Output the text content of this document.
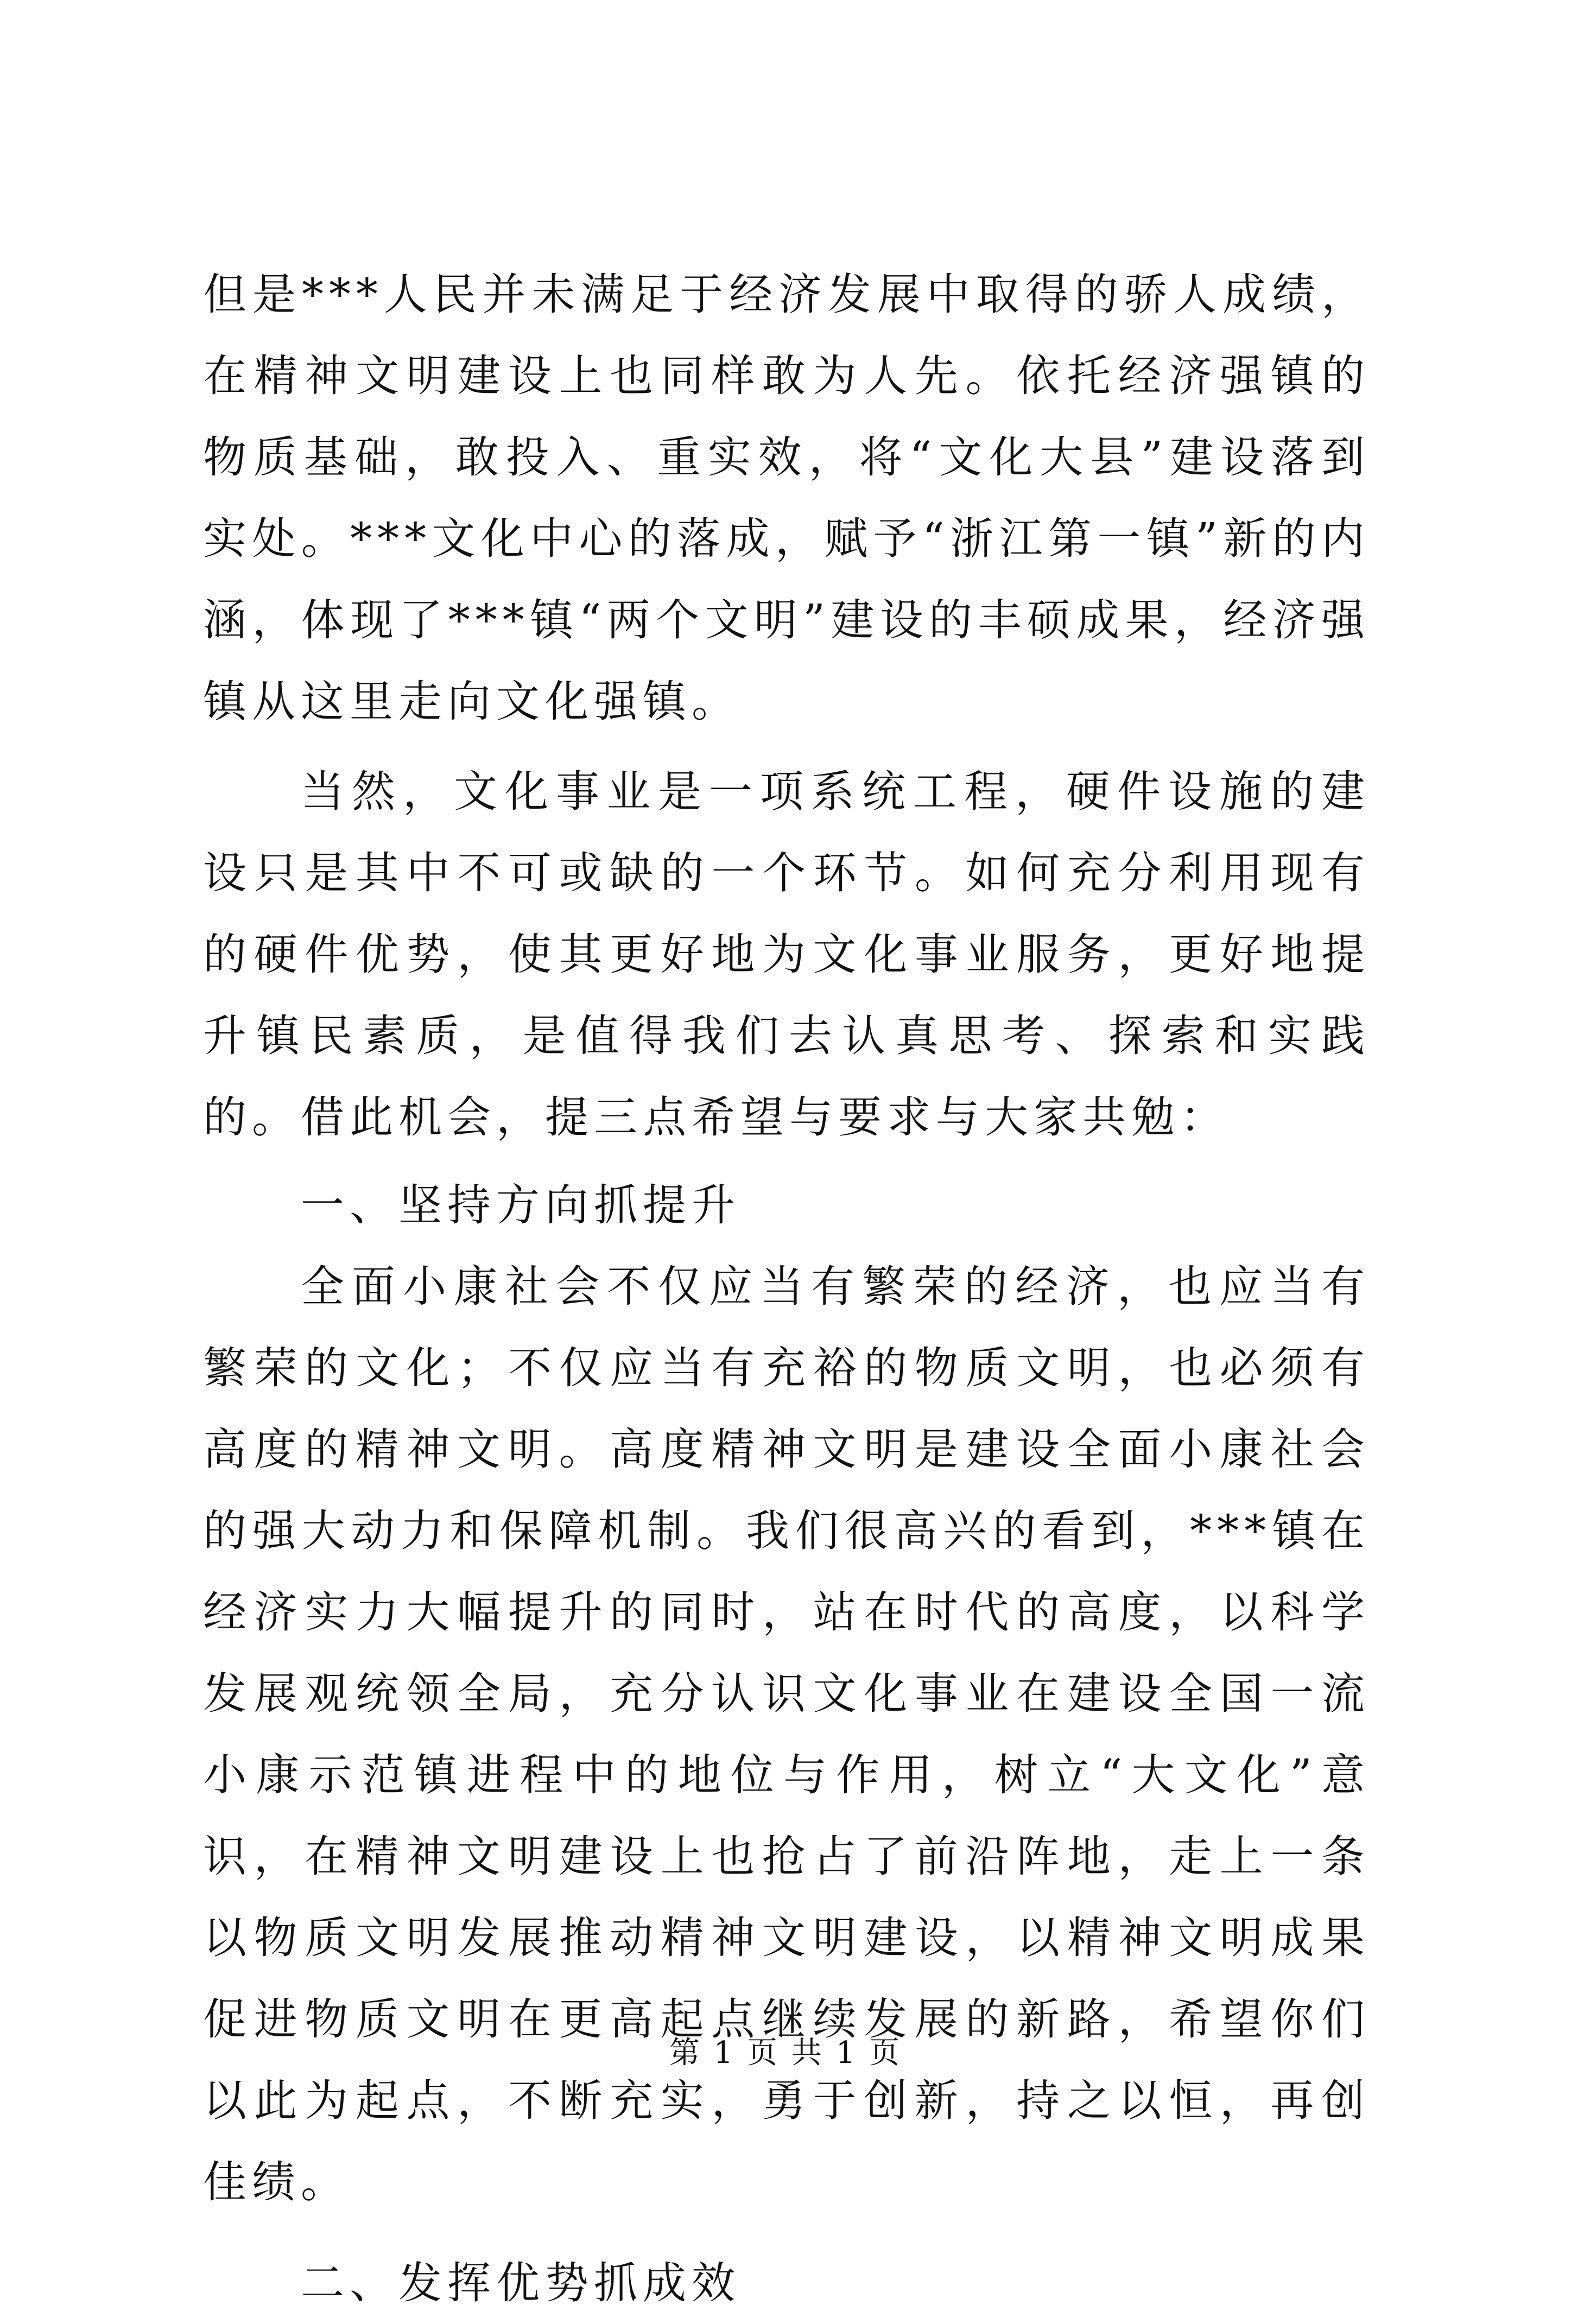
但是***人民并未满足于经济发展中取得的骄人成绩，在精神文明建设上也同样敢为人先。依托经济强镇的物质基础，敢投入、重实效，将“文化大县”建设落到实处。***文化中心的落成，赋予“浙江第一镇”新的内涵，体现了***镇“两个文明”建设的丰硕成果，经济强镇从这里走向文化强镇。

当然，文化事业是一项系统工程，硬件设施的建设只是其中不可或缺的一个环节。如何充分利用现有的硬件优势，使其更好地为文化事业服务，更好地提升镇民素质，是值得我们去认真思考、探索和实践的。借此机会，提三点希望与要求与大家共勉：

一、坚持方向抓提升

全面小康社会不仅应当有繁荣的经济，也应当有繁荣的文化；不仅应当有充裕的物质文明，也必须有高度的精神文明。高度精神文明是建设全面小康社会的强大动力和保障机制。我们很高兴的看到，***镇在经济实力大幅提升的同时，站在时代的高度，以科学发展观统领全局，充分认识文化事业在建设全国一流小康示范镇进程中的地位与作用，树立“大文化”意识，在精神文明建设上也抢占了前沿阵地，走上一条以物质文明发展推动精神文明建设，以精神文明成果促进物质文明在更高起点继续发展的新路，希望你们以此为起点，不断充实，勇于创新，持之以恒，再创佳绩。

二、发挥优势抓成效

第 1 页 共 1 页
